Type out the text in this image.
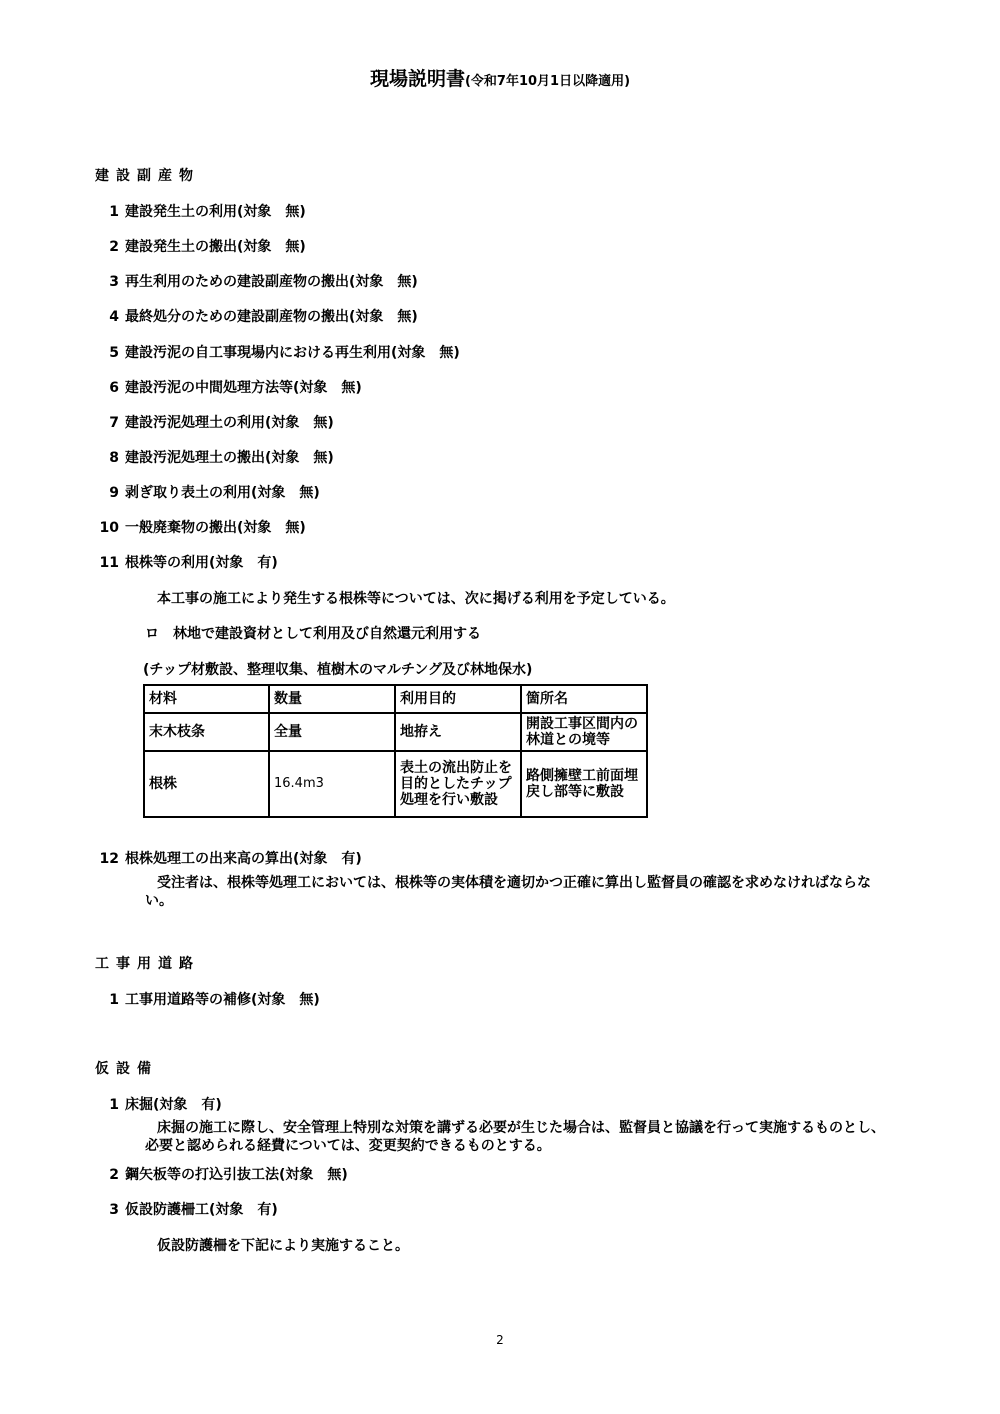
現場説明書(令和7年10月1日以降適用)
建設副産物
1 建設発生土の利用(対象　無)
2 建設発生土の搬出(対象　無)
3 再生利用のための建設副産物の搬出(対象　無)
4 最終処分のための建設副産物の搬出(対象　無)
5 建設汚泥の自工事現場内における再生利用(対象　無)
6 建設汚泥の中間処理方法等(対象　無)
7 建設汚泥処理土の利用(対象　無)
8 建設汚泥処理土の搬出(対象　無)
9 剥ぎ取り表土の利用(対象　無)
10 一般廃棄物の搬出(対象　無)
11 根株等の利用(対象　有)
本工事の施工により発生する根株等については、次に掲げる利用を予定している。
ロ　林地で建設資材として利用及び自然還元利用する
(チップ材敷設、整理収集、植樹木のマルチング及び林地保水)
材料	数量	利用目的	箇所名
末木枝条	全量	地拵え	開設工事区間内の林道との境等
根株	16.4m3	表土の流出防止を目的としたチップ処理を行い敷設	路側擁壁工前面埋戻し部等に敷設
12 根株処理工の出来高の算出(対象　有)
受注者は、根株等処理工においては、根株等の実体積を適切かつ正確に算出し監督員の確認を求めなければならない。
工事用道路
1 工事用道路等の補修(対象　無)
仮設備
1 床掘(対象　有)
床掘の施工に際し、安全管理上特別な対策を講ずる必要が生じた場合は、監督員と協議を行って実施するものとし、必要と認められる経費については、変更契約できるものとする。
2 鋼矢板等の打込引抜工法(対象　無)
3 仮設防護柵工(対象　有)
仮設防護柵を下記により実施すること。
2
